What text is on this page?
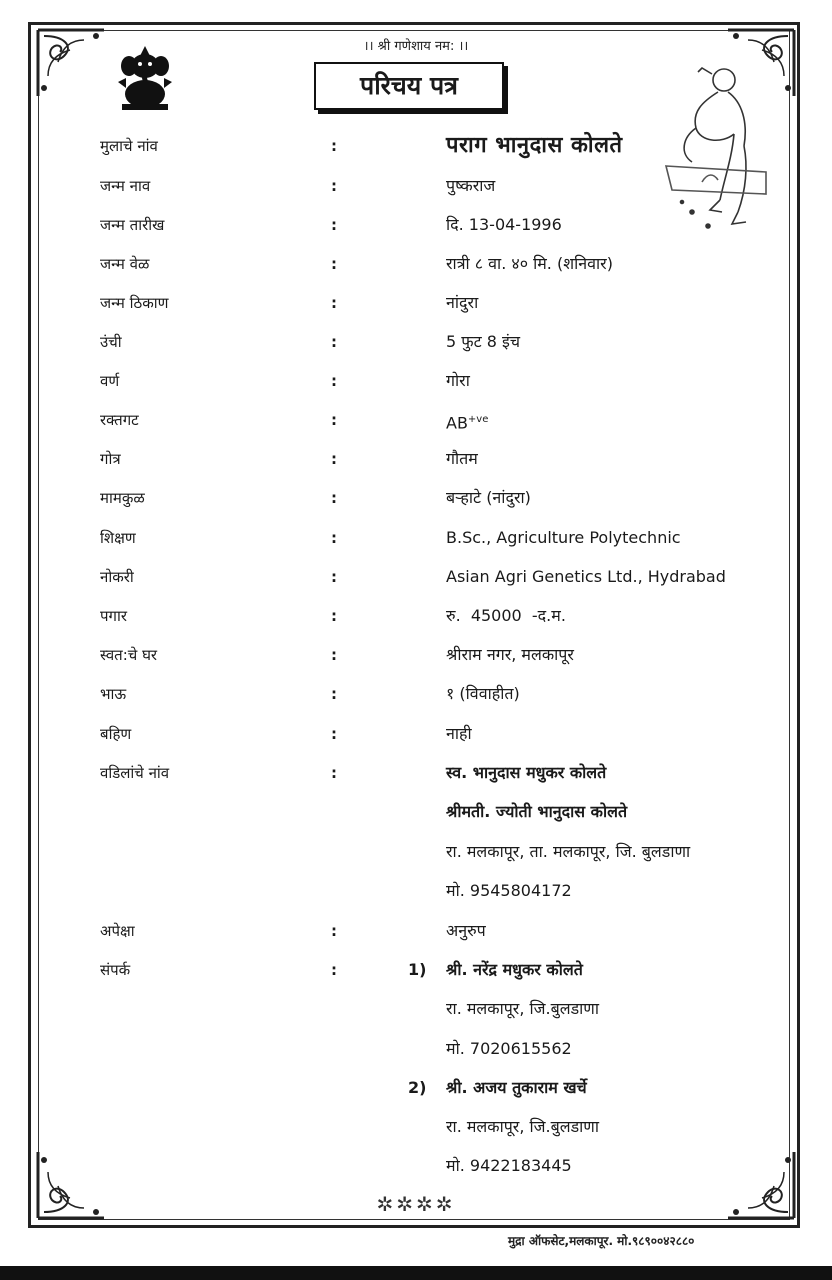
।। श्री गणेशाय नम: ।।
परिचय पत्र
मुलाचे नांव	:	पराग भानुदास कोलते
जन्म नाव	:	पुष्कराज
जन्म तारीख	:	दि. 13-04-1996
जन्म वेळ	:	रात्री ८ वा. ४० मि. (शनिवार)
जन्म ठिकाण	:	नांदुरा
उंची	:	5 फुट 8 इंच
वर्ण	:	गोरा
रक्तगट	:	$AB^{+ve}$
गोत्र	:	गौतम
मामकुळ	:	बऱ्हाटे (नांदुरा)
शिक्षण	:	B.Sc., Agriculture Polytechnic
नोकरी	:	Asian Agri Genetics Ltd., Hydrabad
पगार	:	रु.  45000  -द.म.
स्वत:चे घर	:	श्रीराम नगर, मलकापूर
भाऊ	:	१ (विवाहीत)
बहिण	:	नाही
वडिलांचे नांव	:	स्व. भानुदास मधुकर कोलते
श्रीमती. ज्योती भानुदास कोलते
रा. मलकापूर, ता. मलकापूर, जि. बुलडाणा
मो. 9545804172
अपेक्षा	:	अनुरुप
संपर्क	:	1) श्री. नरेंद्र मधुकर कोलते
रा. मलकापूर, जि.बुलडाणा
मो. 7020615562
2) श्री. अजय तुकाराम खर्चे
रा. मलकापूर, जि.बुलडाणा
मो. 9422183445
✲✲✲✲
मुद्रा ऑफसेट,मलकापूर. मो.९८९००४२८८०
